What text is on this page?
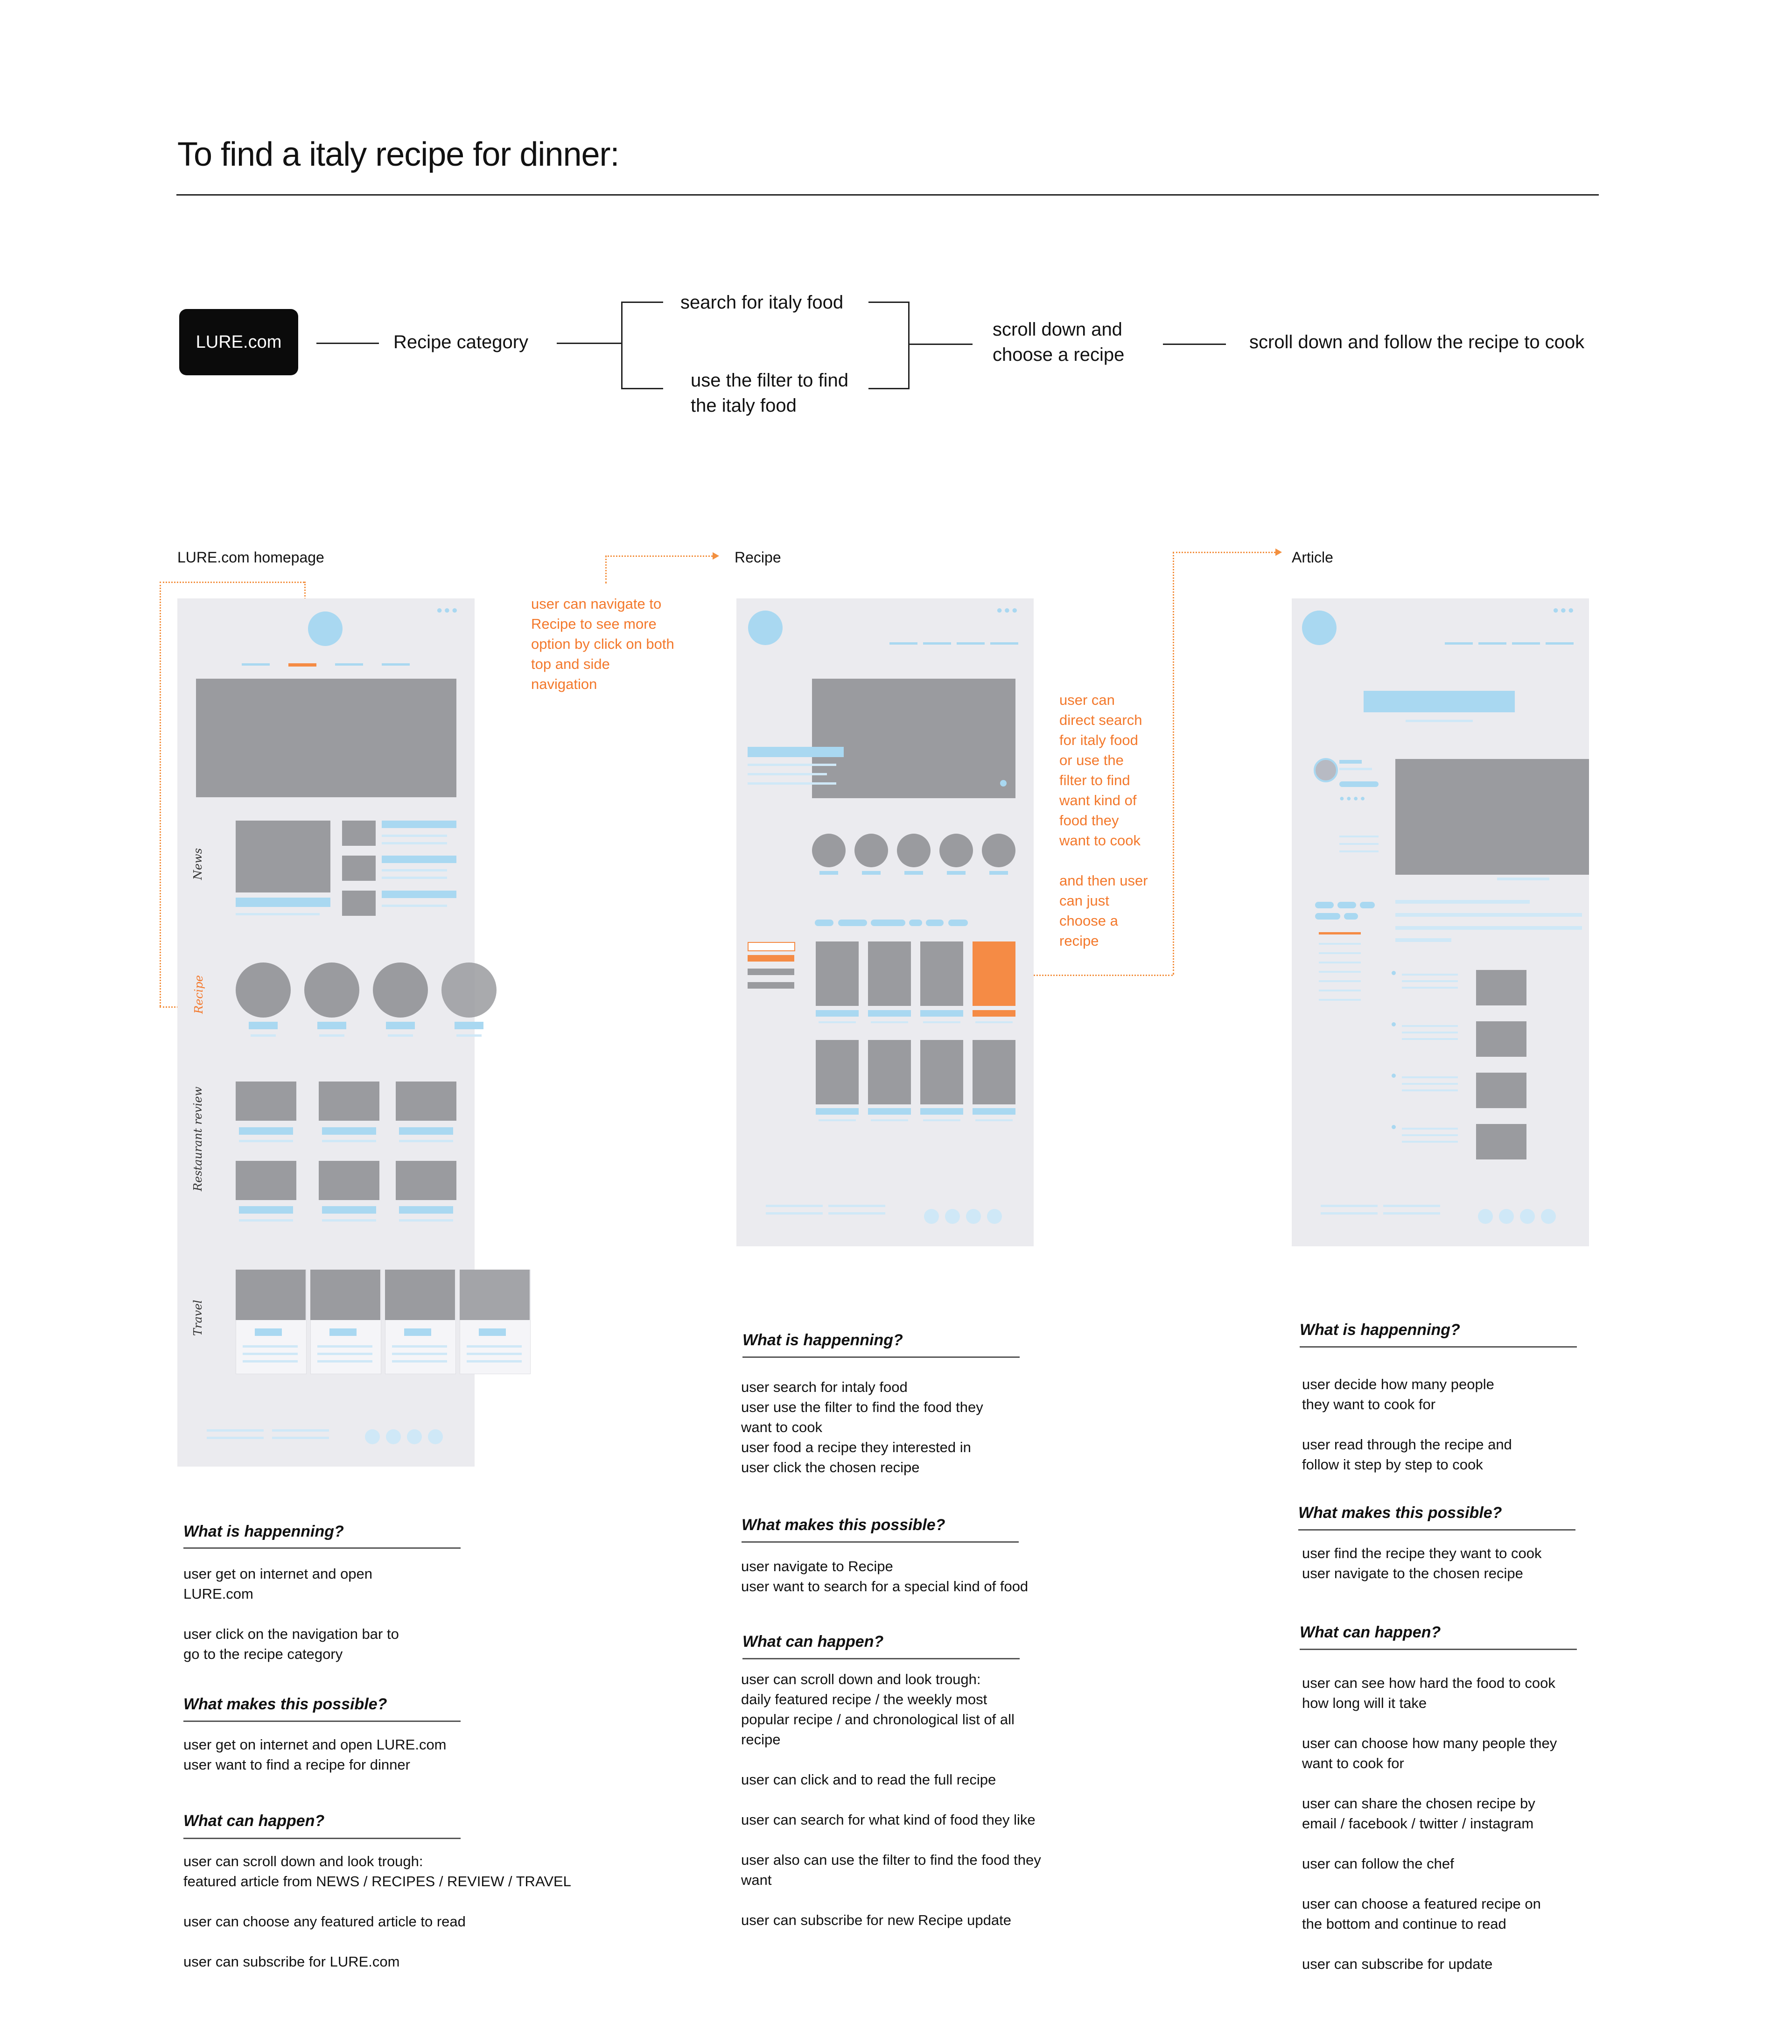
To find a italy recipe for dinner:
LURE.com	Recipe category
search for italy food
use the filter to find
the italy food
scroll down and
choose a recipe
scroll down and follow the recipe to cook
LURE.com homepage	Recipe	Article
●●●
News
Recipe
Restaurant review
Travel
user can navigate to
Recipe to see more
option by click on both
top and side
navigation
●●●
user can
direct search
for italy food
or use the
filter to find
want kind of
food they
want to cook

and then user
can just
choose a
recipe
●●●
●●●●
What is happenning?
user get on internet and open
LURE.com

user click on the navigation bar to
go to the recipe category
What makes this possible?
user get on internet and open LURE.com
user want to find a recipe for dinner
What can happen?
user can scroll down and look trough:
featured article from NEWS / RECIPES / REVIEW / TRAVEL

user can choose any featured article to read

user can subscribe for LURE.com
What is happenning?
user search for intaly food
user use the filter to find the food they
want to cook
user food a recipe they interested in
user click the chosen recipe
What makes this possible?
user navigate to Recipe
user want to search for a special kind of food
What can happen?
user can scroll down and look trough:
daily featured recipe / the weekly most
popular recipe / and chronological list of all
recipe

user can click and to read the full recipe

user can search for what kind of food they like

user also can use the filter to find the food they
want

user can subscribe for new Recipe update
What is happenning?
user decide how many people
they want to cook for

user read through the recipe and
follow it step by step to cook
What makes this possible?
user find the recipe they want to cook
user navigate to the chosen recipe
What can happen?
user can see how hard the food to cook
how long will it take

user can choose how many people they
want to cook for

user can share the chosen recipe by
email / facebook / twitter / instagram

user can follow the chef

user can choose a featured recipe on
the bottom and continue to read

user can subscribe for update
